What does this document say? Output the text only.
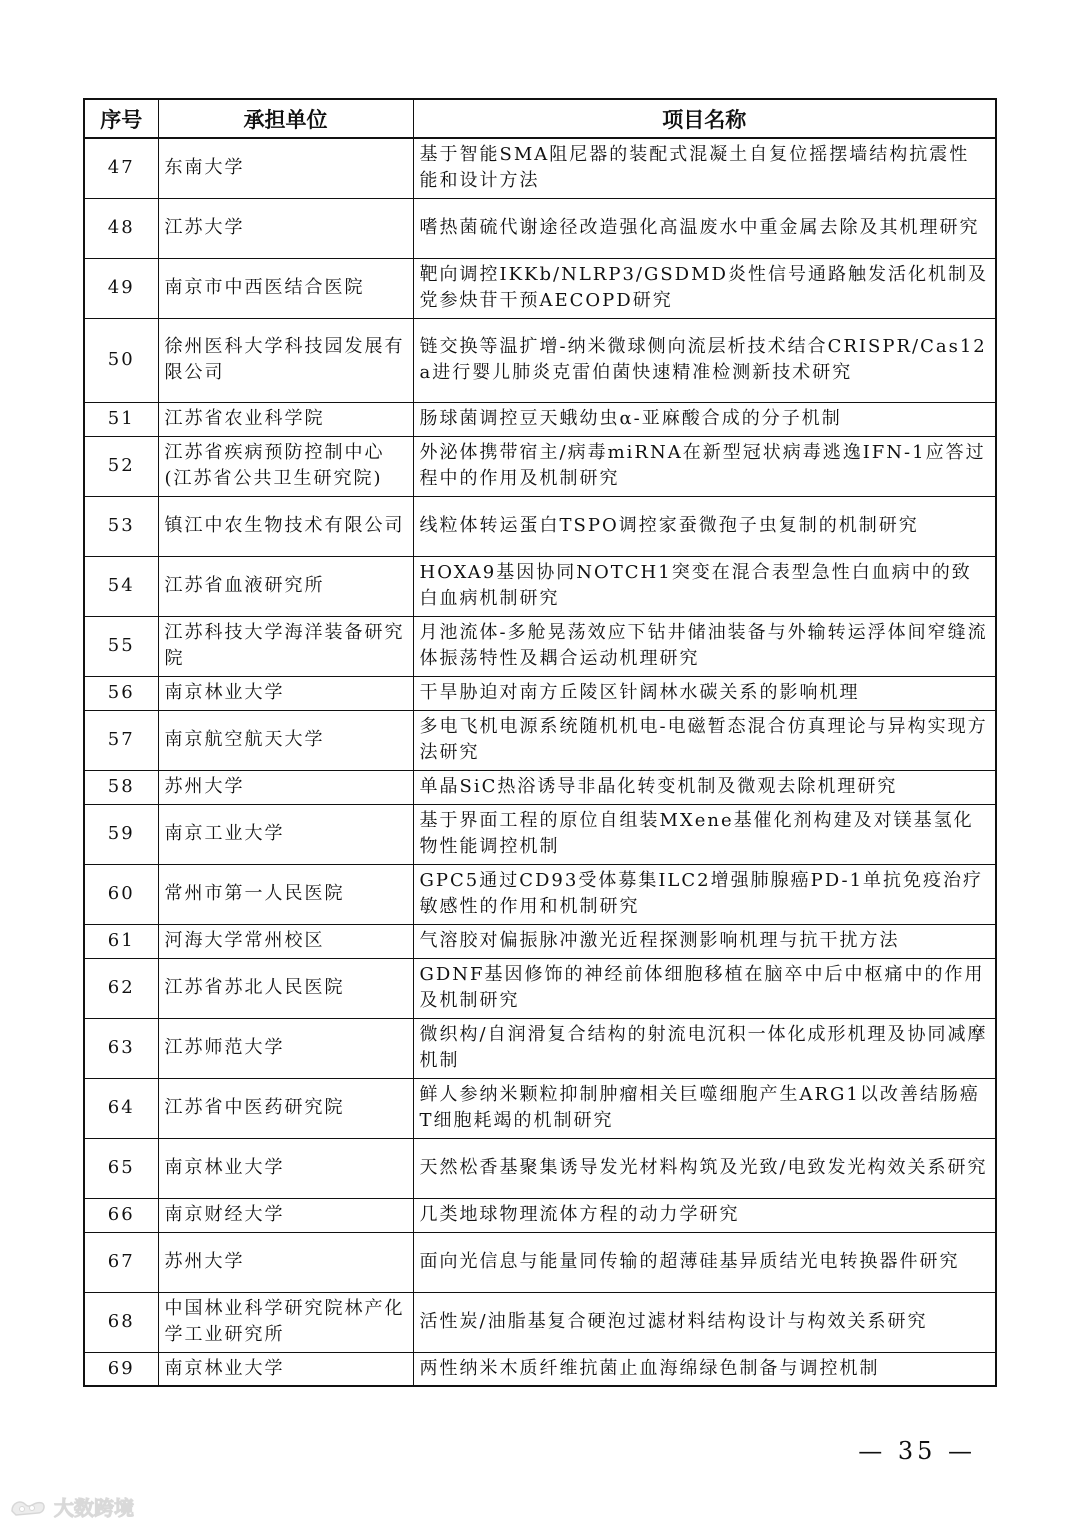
序号	承担单位	项目名称
47	东南大学	基于智能SMA阻尼器的装配式混凝土自复位摇摆墙结构抗震性能和设计方法
48	江苏大学	嗜热菌硫代谢途径改造强化高温废水中重金属去除及其机理研究
49	南京市中西医结合医院	靶向调控IKKb/NLRP3/GSDMD炎性信号通路触发活化机制及党参炔苷干预AECOPD研究
50	徐州医科大学科技园发展有限公司	链交换等温扩增-纳米微球侧向流层析技术结合CRISPR/Cas12a进行婴儿肺炎克雷伯菌快速精准检测新技术研究
51	江苏省农业科学院	肠球菌调控豆天蛾幼虫α-亚麻酸合成的分子机制
52	江苏省疾病预防控制中心(江苏省公共卫生研究院)	外泌体携带宿主/病毒miRNA在新型冠状病毒逃逸IFN-1应答过程中的作用及机制研究
53	镇江中农生物技术有限公司	线粒体转运蛋白TSPO调控家蚕微孢子虫复制的机制研究
54	江苏省血液研究所	HOXA9基因协同NOTCH1突变在混合表型急性白血病中的致白血病机制研究
55	江苏科技大学海洋装备研究院	月池流体-多舱晃荡效应下钻井储油装备与外输转运浮体间窄缝流体振荡特性及耦合运动机理研究
56	南京林业大学	干旱胁迫对南方丘陵区针阔林水碳关系的影响机理
57	南京航空航天大学	多电飞机电源系统随机机电-电磁暂态混合仿真理论与异构实现方法研究
58	苏州大学	单晶SiC热浴诱导非晶化转变机制及微观去除机理研究
59	南京工业大学	基于界面工程的原位自组装MXene基催化剂构建及对镁基氢化物性能调控机制
60	常州市第一人民医院	GPC5通过CD93受体募集ILC2增强肺腺癌PD-1单抗免疫治疗敏感性的作用和机制研究
61	河海大学常州校区	气溶胶对偏振脉冲激光近程探测影响机理与抗干扰方法
62	江苏省苏北人民医院	GDNF基因修饰的神经前体细胞移植在脑卒中后中枢痛中的作用及机制研究
63	江苏师范大学	微织构/自润滑复合结构的射流电沉积一体化成形机理及协同减摩机制
64	江苏省中医药研究院	鲜人参纳米颗粒抑制肿瘤相关巨噬细胞产生ARG1以改善结肠癌T细胞耗竭的机制研究
65	南京林业大学	天然松香基聚集诱导发光材料构筑及光致/电致发光构效关系研究
66	南京财经大学	几类地球物理流体方程的动力学研究
67	苏州大学	面向光信息与能量同传输的超薄硅基异质结光电转换器件研究
68	中国林业科学研究院林产化学工业研究所	活性炭/油脂基复合硬泡过滤材料结构设计与构效关系研究
69	南京林业大学	两性纳米木质纤维抗菌止血海绵绿色制备与调控机制
— 35 —
大数跨境
